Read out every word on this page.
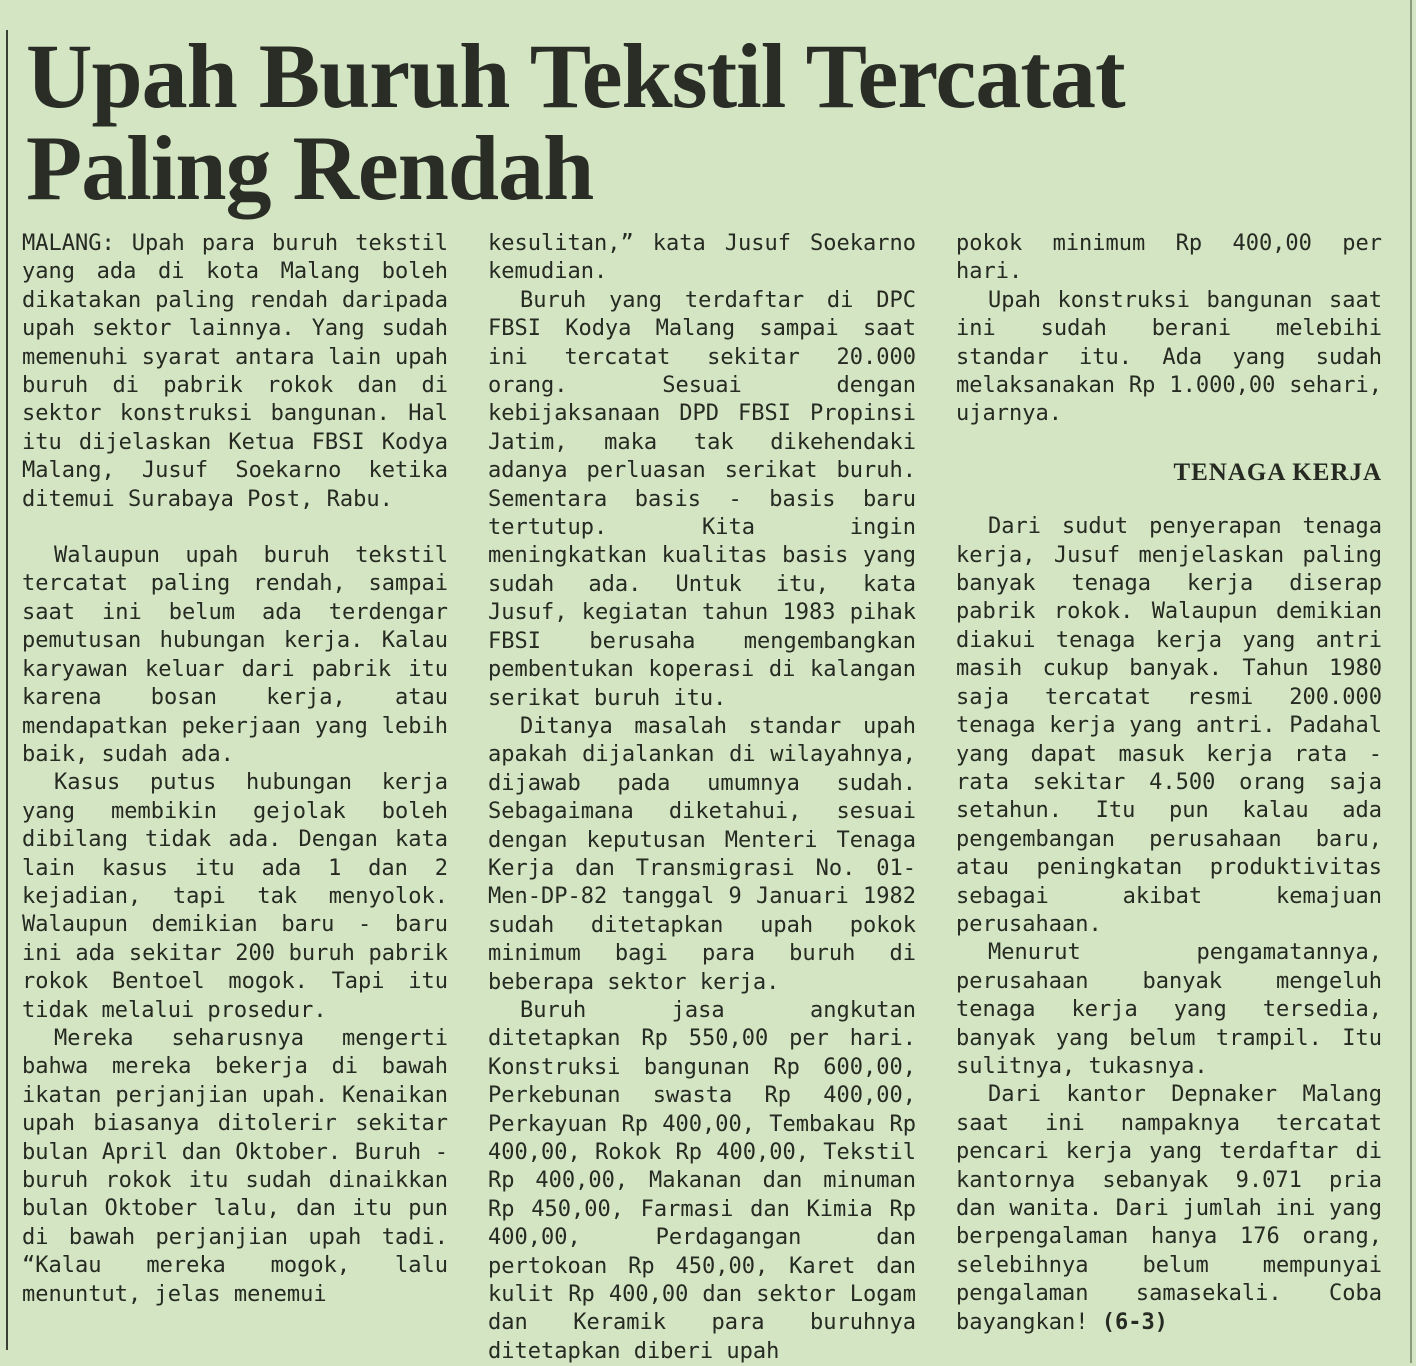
Upah Buruh Tekstil Tercatat
Paling Rendah

MALANG: Upah para buruh tekstil yang ada di kota Malang boleh dikatakan paling rendah daripada upah sektor lainnya. Yang sudah memenuhi syarat antara lain upah buruh di pabrik rokok dan di sektor konstruksi bangunan. Hal itu dijelaskan Ketua FBSI Kodya Malang, Jusuf Soekarno ketika ditemui Surabaya Post, Rabu.

Walaupun upah buruh tekstil tercatat paling rendah, sampai saat ini belum ada terdengar pemutusan hubungan kerja. Kalau karyawan keluar dari pabrik itu karena bosan kerja, atau mendapatkan pekerjaan yang lebih baik, sudah ada.

Kasus putus hubungan kerja yang membikin gejolak boleh dibilang tidak ada. Dengan kata lain kasus itu ada 1 dan 2 kejadian, tapi tak menyolok. Walaupun demikian baru - baru ini ada sekitar 200 buruh pabrik rokok Bentoel mogok. Tapi itu tidak melalui prosedur.

Mereka seharusnya mengerti bahwa mereka bekerja di bawah ikatan perjanjian upah. Kenaikan upah biasanya ditolerir sekitar bulan April dan Oktober. Buruh - buruh rokok itu sudah dinaikkan bulan Oktober lalu, dan itu pun di bawah perjanjian upah tadi. “Kalau mereka mogok, lalu menuntut, jelas menemui

kesulitan,” kata Jusuf Soekarno kemudian.

Buruh yang terdaftar di DPC FBSI Kodya Malang sampai saat ini tercatat sekitar 20.000 orang. Sesuai dengan kebijaksanaan DPD FBSI Propinsi Jatim, maka tak dikehendaki adanya perluasan serikat buruh. Sementara basis - basis baru tertutup. Kita ingin meningkatkan kualitas basis yang sudah ada. Untuk itu, kata Jusuf, kegiatan tahun 1983 pihak FBSI berusaha mengembangkan pembentukan koperasi di kalangan serikat buruh itu.

Ditanya masalah standar upah apakah dijalankan di wilayahnya, dijawab pada umumnya sudah. Sebagaimana diketahui, sesuai dengan keputusan Menteri Tenaga Kerja dan Transmigrasi No. 01-Men-DP-82 tanggal 9 Januari 1982 sudah ditetapkan upah pokok minimum bagi para buruh di beberapa sektor kerja.

Buruh jasa angkutan ditetapkan Rp 550,00 per hari. Konstruksi bangunan Rp 600,00, Perkebunan swasta Rp 400,00, Perkayuan Rp 400,00, Tembakau Rp 400,00, Rokok Rp 400,00, Tekstil Rp 400,00, Makanan dan minuman Rp 450,00, Farmasi dan Kimia Rp 400,00, Perdagangan dan pertokoan Rp 450,00, Karet dan kulit Rp 400,00 dan sektor Logam dan Keramik para buruhnya ditetapkan diberi upah

pokok minimum Rp 400,00 per hari.

Upah konstruksi bangunan saat ini sudah berani melebihi standar itu. Ada yang sudah melaksanakan Rp 1.000,00 sehari, ujarnya.

TENAGA KERJA

Dari sudut penyerapan tenaga kerja, Jusuf menjelaskan paling banyak tenaga kerja diserap pabrik rokok. Walaupun demikian diakui tenaga kerja yang antri masih cukup banyak. Tahun 1980 saja tercatat resmi 200.000 tenaga kerja yang antri. Padahal yang dapat masuk kerja rata - rata sekitar 4.500 orang saja setahun. Itu pun kalau ada pengembangan perusahaan baru, atau peningkatan produktivitas sebagai akibat kemajuan perusahaan.

Menurut pengamatannya, perusahaan banyak mengeluh tenaga kerja yang tersedia, banyak yang belum trampil. Itu sulitnya, tukasnya.

Dari kantor Depnaker Malang saat ini nampaknya tercatat pencari kerja yang terdaftar di kantornya sebanyak 9.071 pria dan wanita. Dari jumlah ini yang berpengalaman hanya 176 orang, selebihnya belum mempunyai pengalaman samasekali. Coba bayangkan! (6-3)
